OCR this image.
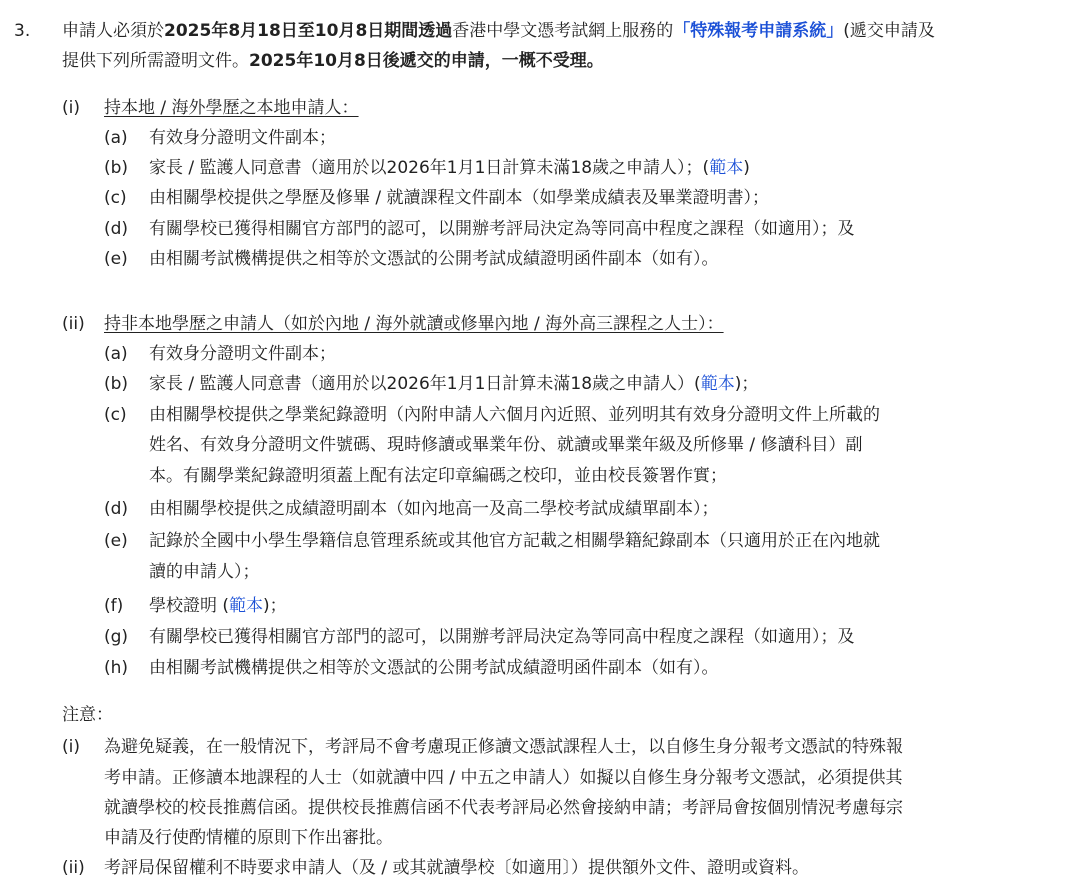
3. 申請人必須於2025年8月18日至10月8日期間透過香港中學文憑考試網上服務的「特殊報考申請系統」(遞交申請及
提供下列所需證明文件。2025年10月8日後遞交的申請，一概不受理。
(i) 持本地 / 海外學歷之本地申請人：
(a) 有效身分證明文件副本；
(b) 家長 / 監護人同意書（適用於以2026年1月1日計算未滿18歲之申請人）；(範本)
(c) 由相關學校提供之學歷及修畢 / 就讀課程文件副本（如學業成績表及畢業證明書）；
(d) 有關學校已獲得相關官方部門的認可，以開辦考評局決定為等同高中程度之課程（如適用）；及
(e) 由相關考試機構提供之相等於文憑試的公開考試成績證明函件副本（如有）。
(ii) 持非本地學歷之申請人（如於內地 / 海外就讀或修畢內地 / 海外高三課程之人士）：
(a) 有效身分證明文件副本；
(b) 家長 / 監護人同意書（適用於以2026年1月1日計算未滿18歲之申請人）(範本)；
(c) 由相關學校提供之學業紀錄證明（內附申請人六個月內近照、並列明其有效身分證明文件上所載的
姓名、有效身分證明文件號碼、現時修讀或畢業年份、就讀或畢業年級及所修畢 / 修讀科目）副
本。有關學業紀錄證明須蓋上配有法定印章編碼之校印，並由校長簽署作實；
(d) 由相關學校提供之成績證明副本（如內地高一及高二學校考試成績單副本）；
(e) 記錄於全國中小學生學籍信息管理系統或其他官方記載之相關學籍紀錄副本（只適用於正在內地就
讀的申請人）；
(f) 學校證明 (範本)；
(g) 有關學校已獲得相關官方部門的認可，以開辦考評局決定為等同高中程度之課程（如適用）；及
(h) 由相關考試機構提供之相等於文憑試的公開考試成績證明函件副本（如有）。
注意：
(i) 為避免疑義，在一般情況下，考評局不會考慮現正修讀文憑試課程人士，以自修生身分報考文憑試的特殊報
考申請。正修讀本地課程的人士（如就讀中四 / 中五之申請人）如擬以自修生身分報考文憑試，必須提供其
就讀學校的校長推薦信函。提供校長推薦信函不代表考評局必然會接納申請；考評局會按個別情況考慮每宗
申請及行使酌情權的原則下作出審批。
(ii) 考評局保留權利不時要求申請人（及 / 或其就讀學校〔如適用〕）提供額外文件、證明或資料。
